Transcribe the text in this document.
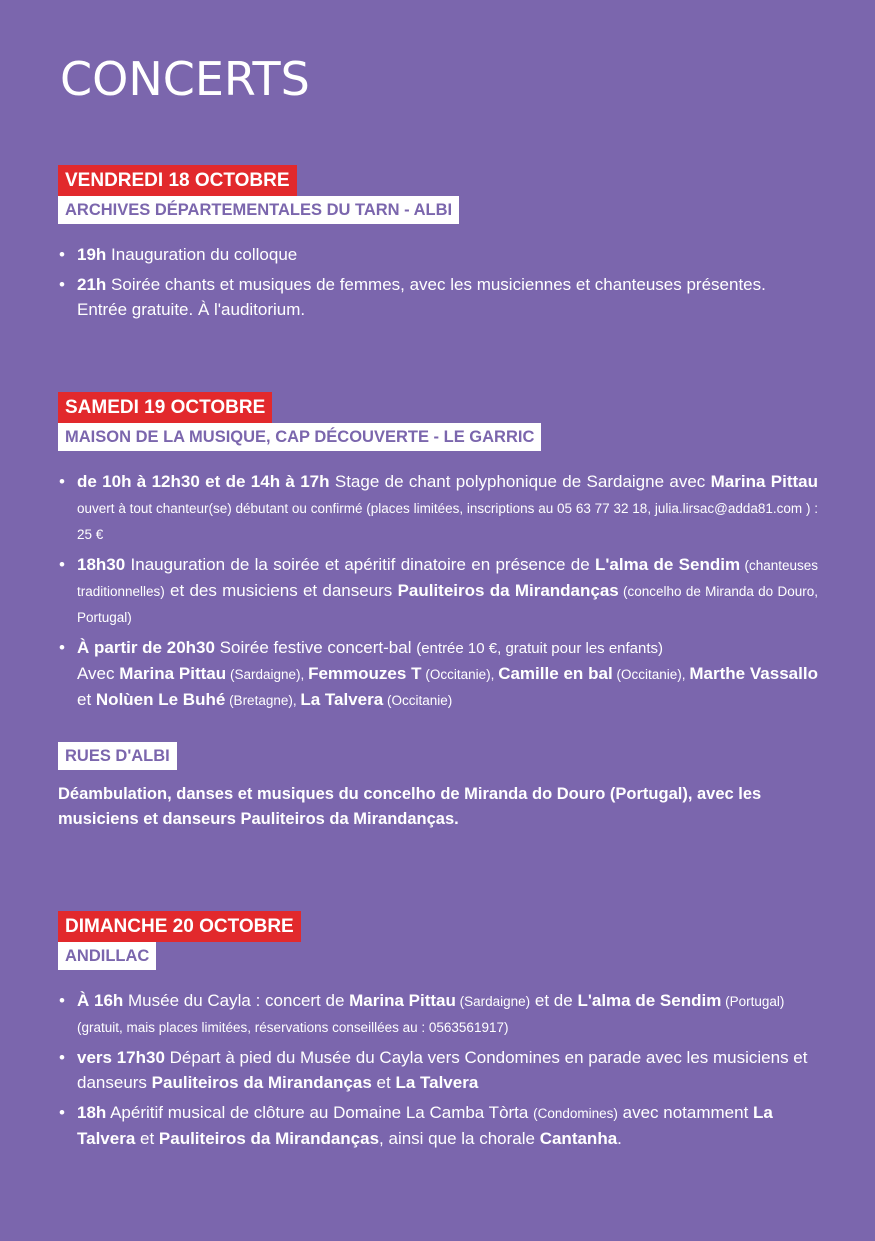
CONCERTS
VENDREDI 18 OCTOBRE
ARCHIVES DÉPARTEMENTALES DU TARN - ALBI
• 19h Inauguration du colloque
• 21h Soirée chants et musiques de femmes, avec les musiciennes et chanteuses présentes. Entrée gratuite. À l'auditorium.
SAMEDI 19 OCTOBRE
MAISON DE LA MUSIQUE, CAP DÉCOUVERTE - LE GARRIC
• de 10h à 12h30 et de 14h à 17h Stage de chant polyphonique de Sardaigne avec Marina Pittau ouvert à tout chanteur(se) débutant ou confirmé (places limitées, inscriptions au 05 63 77 32 18, julia.lirsac@adda81.com ) : 25 €
• 18h30 Inauguration de la soirée et apéritif dinatoire en présence de L'alma de Sendim (chanteuses traditionnelles) et des musiciens et danseurs Pauliteiros da Mirandanças (concelho de Miranda do Douro, Portugal)
• À partir de 20h30 Soirée festive concert-bal (entrée 10 €, gratuit pour les enfants)
Avec Marina Pittau (Sardaigne), Femmouzes T (Occitanie), Camille en bal (Occitanie), Marthe Vassallo et Nolùen Le Buhé (Bretagne), La Talvera (Occitanie)
RUES D'ALBI
Déambulation, danses et musiques du concelho de Miranda do Douro (Portugal), avec les musiciens et danseurs Pauliteiros da Mirandanças.
DIMANCHE 20 OCTOBRE
ANDILLAC
• À 16h Musée du Cayla : concert de Marina Pittau (Sardaigne) et de L'alma de Sendim (Portugal) (gratuit, mais places limitées, réservations conseillées au : 0563561917)
• vers 17h30 Départ à pied du Musée du Cayla vers Condomines en parade avec les musiciens et danseurs Pauliteiros da Mirandanças et La Talvera
• 18h Apéritif musical de clôture au Domaine La Camba Tòrta (Condomines) avec notamment La Talvera et Pauliteiros da Mirandanças, ainsi que la chorale Cantanha.
